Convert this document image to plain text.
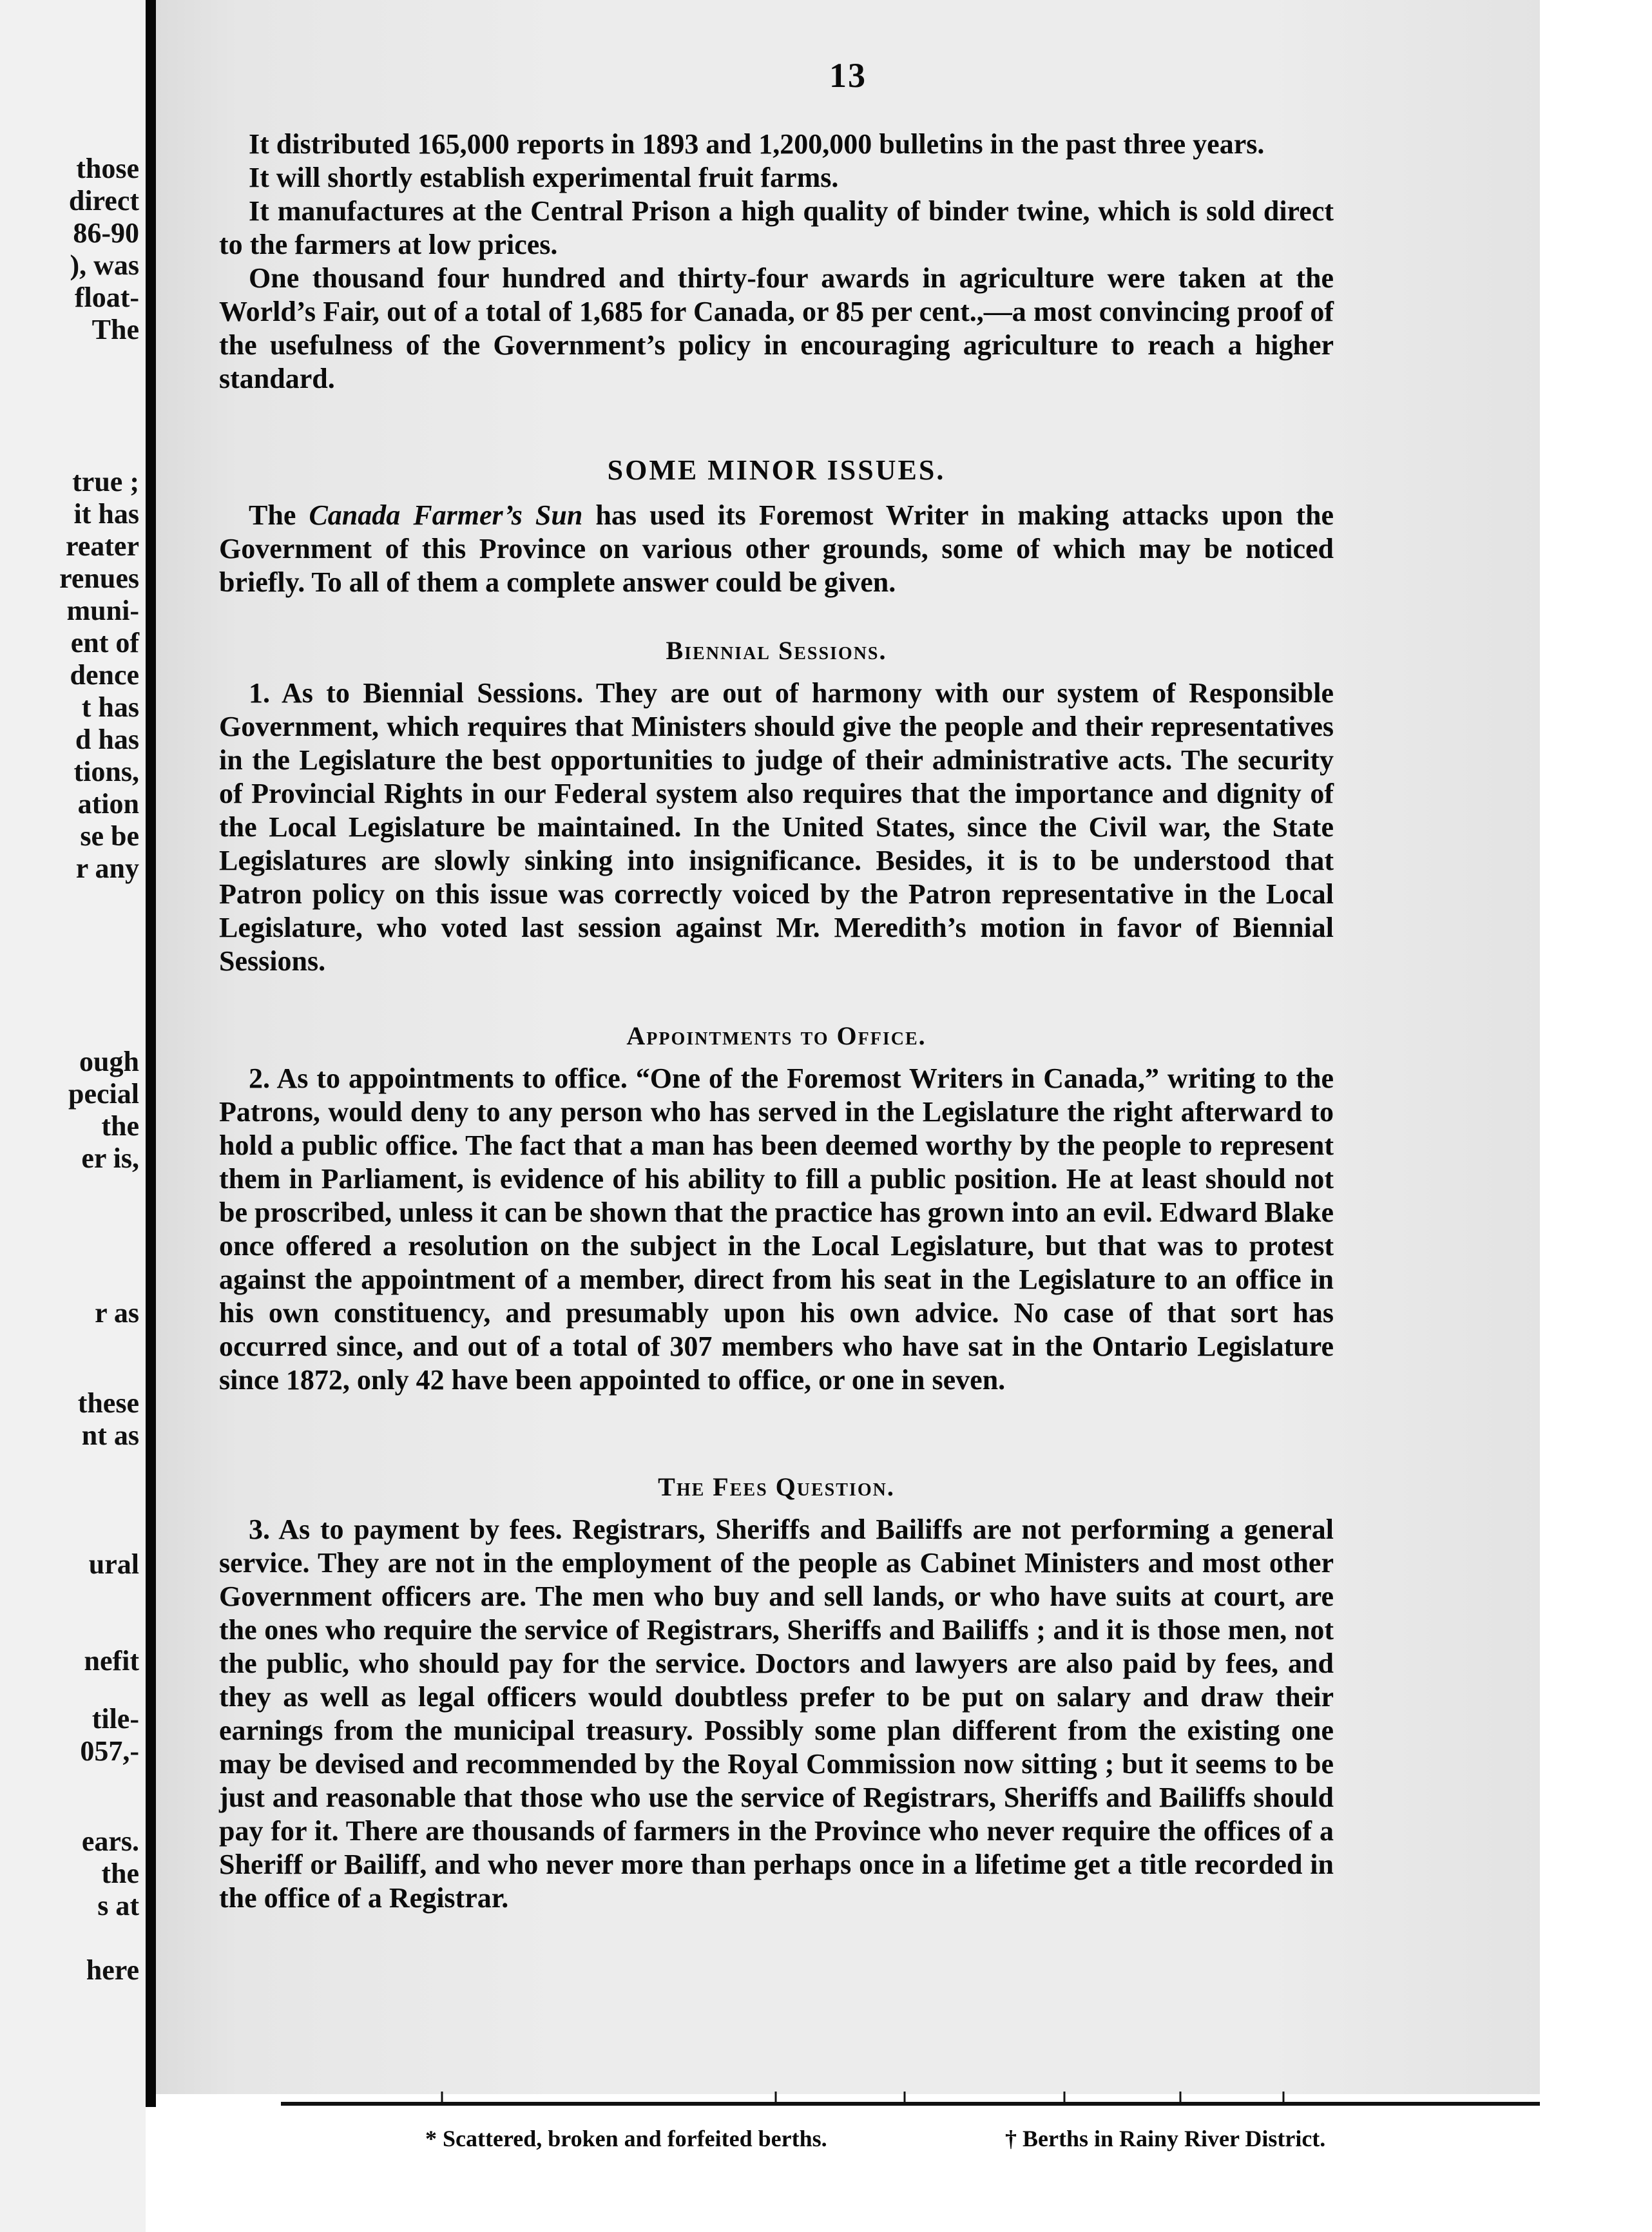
those
direct
86-90
), was
float-
The
true ;
it has
reater
renues
muni-
ent of
dence
t has
d has
tions,
ation
se be
r any
ough
pecial
the
er is,
r as
these
nt as
ural
nefit
tile-
057,-
ears.
the
s at
here
13

It distributed 165,000 reports in 1893 and 1,200,000 bulletins in the past three years.

It will shortly establish experimental fruit farms.

It manufactures at the Central Prison a high quality of binder twine, which is sold direct to the farmers at low prices.

One thousand four hundred and thirty-four awards in agriculture were taken at the World’s Fair, out of a total of 1,685 for Canada, or 85 per cent.,—a most convincing proof of the usefulness of the Government’s policy in encouraging agriculture to reach a higher standard.

SOME MINOR ISSUES.

The Canada Farmer’s Sun has used its Foremost Writer in making attacks upon the Government of this Province on various other grounds, some of which may be noticed briefly. To all of them a complete answer could be given.

Biennial Sessions.

1. As to Biennial Sessions. They are out of harmony with our system of Responsible Government, which requires that Ministers should give the people and their representatives in the Legislature the best opportunities to judge of their administrative acts. The security of Provincial Rights in our Federal system also requires that the importance and dignity of the Local Legislature be maintained. In the United States, since the Civil war, the State Legislatures are slowly sinking into insignificance. Besides, it is to be understood that Patron policy on this issue was correctly voiced by the Patron representative in the Local Legislature, who voted last session against Mr. Meredith’s motion in favor of Biennial Sessions.

Appointments to Office.

2. As to appointments to office. “One of the Foremost Writers in Canada,” writing to the Patrons, would deny to any person who has served in the Legislature the right afterward to hold a public office. The fact that a man has been deemed worthy by the people to represent them in Parliament, is evidence of his ability to fill a public position. He at least should not be proscribed, unless it can be shown that the practice has grown into an evil. Edward Blake once offered a resolution on the subject in the Local Legislature, but that was to protest against the appointment of a member, direct from his seat in the Legislature to an office in his own constituency, and presumably upon his own advice. No case of that sort has occurred since, and out of a total of 307 members who have sat in the Ontario Legislature since 1872, only 42 have been appointed to office, or one in seven.

The Fees Question.

3. As to payment by fees. Registrars, Sheriffs and Bailiffs are not performing a general service. They are not in the employment of the people as Cabinet Ministers and most other Government officers are. The men who buy and sell lands, or who have suits at court, are the ones who require the service of Registrars, Sheriffs and Bailiffs ; and it is those men, not the public, who should pay for the service. Doctors and lawyers are also paid by fees, and they as well as legal officers would doubtless prefer to be put on salary and draw their earnings from the municipal treasury. Possibly some plan different from the existing one may be devised and recommended by the Royal Commission now sitting ; but it seems to be just and reasonable that those who use the service of Registrars, Sheriffs and Bailiffs should pay for it. There are thousands of farmers in the Province who never require the offices of a Sheriff or Bailiff, and who never more than perhaps once in a lifetime get a title recorded in the office of a Registrar.

* Scattered, broken and forfeited berths.	† Berths in Rainy River District.
